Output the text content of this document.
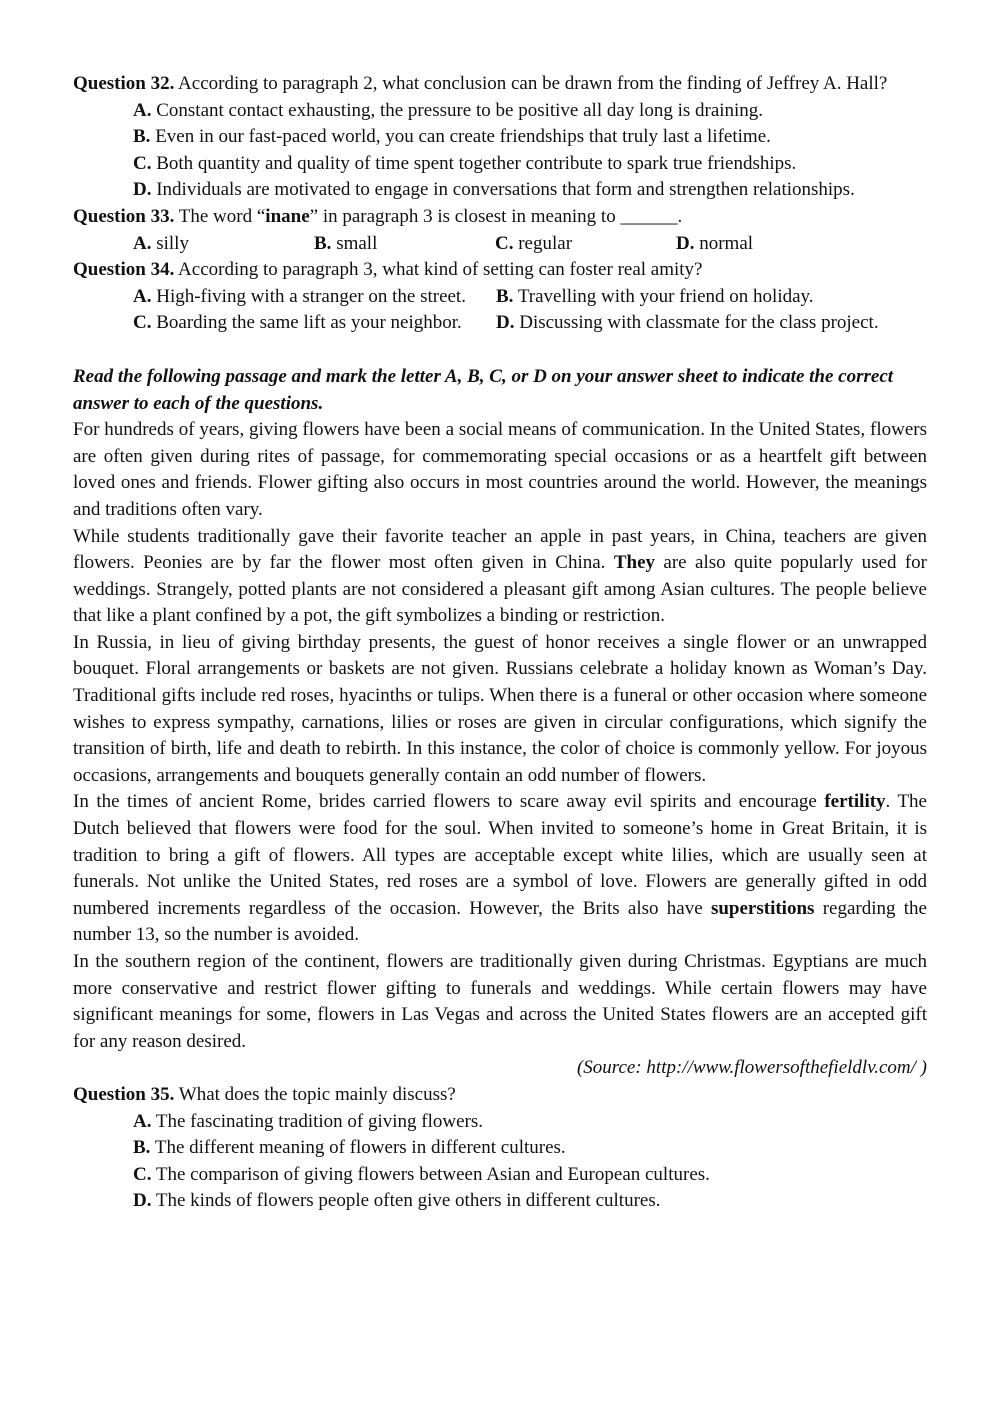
Question 32. According to paragraph 2, what conclusion can be drawn from the finding of Jeffrey A. Hall?

A. Constant contact exhausting, the pressure to be positive all day long is draining.

B. Even in our fast-paced world, you can create friendships that truly last a lifetime.

C. Both quantity and quality of time spent together contribute to spark true friendships.

D. Individuals are motivated to engage in conversations that form and strengthen relationships.

Question 33. The word “inane” in paragraph 3 is closest in meaning to ______.

A. silly	B. small	C. regular	D. normal

Question 34. According to paragraph 3, what kind of setting can foster real amity?

A. High-fiving with a stranger on the street.	B. Travelling with your friend on holiday.
C. Boarding the same lift as your neighbor.	D. Discussing with classmate for the class project.

Read the following passage and mark the letter A, B, C, or D on your answer sheet to indicate the correct answer to each of the questions.

For hundreds of years, giving flowers have been a social means of communication. In the United States, flowers are often given during rites of passage, for commemorating special occasions or as a heartfelt gift between loved ones and friends. Flower gifting also occurs in most countries around the world. However, the meanings and traditions often vary.

While students traditionally gave their favorite teacher an apple in past years, in China, teachers are given flowers. Peonies are by far the flower most often given in China. They are also quite popularly used for weddings. Strangely, potted plants are not considered a pleasant gift among Asian cultures. The people believe that like a plant confined by a pot, the gift symbolizes a binding or restriction.

In Russia, in lieu of giving birthday presents, the guest of honor receives a single flower or an unwrapped bouquet. Floral arrangements or baskets are not given. Russians celebrate a holiday known as Woman’s Day. Traditional gifts include red roses, hyacinths or tulips. When there is a funeral or other occasion where someone wishes to express sympathy, carnations, lilies or roses are given in circular configurations, which signify the transition of birth, life and death to rebirth. In this instance, the color of choice is commonly yellow. For joyous occasions, arrangements and bouquets generally contain an odd number of flowers.

In the times of ancient Rome, brides carried flowers to scare away evil spirits and encourage fertility. The Dutch believed that flowers were food for the soul. When invited to someone’s home in Great Britain, it is tradition to bring a gift of flowers. All types are acceptable except white lilies, which are usually seen at funerals. Not unlike the United States, red roses are a symbol of love. Flowers are generally gifted in odd numbered increments regardless of the occasion. However, the Brits also have superstitions regarding the number 13, so the number is avoided.

In the southern region of the continent, flowers are traditionally given during Christmas. Egyptians are much more conservative and restrict flower gifting to funerals and weddings. While certain flowers may have significant meanings for some, flowers in Las Vegas and across the United States flowers are an accepted gift for any reason desired.

(Source: http://www.flowersofthefieldlv.com/ )

Question 35. What does the topic mainly discuss?

A. The fascinating tradition of giving flowers.

B. The different meaning of flowers in different cultures.

C. The comparison of giving flowers between Asian and European cultures.

D. The kinds of flowers people often give others in different cultures.
